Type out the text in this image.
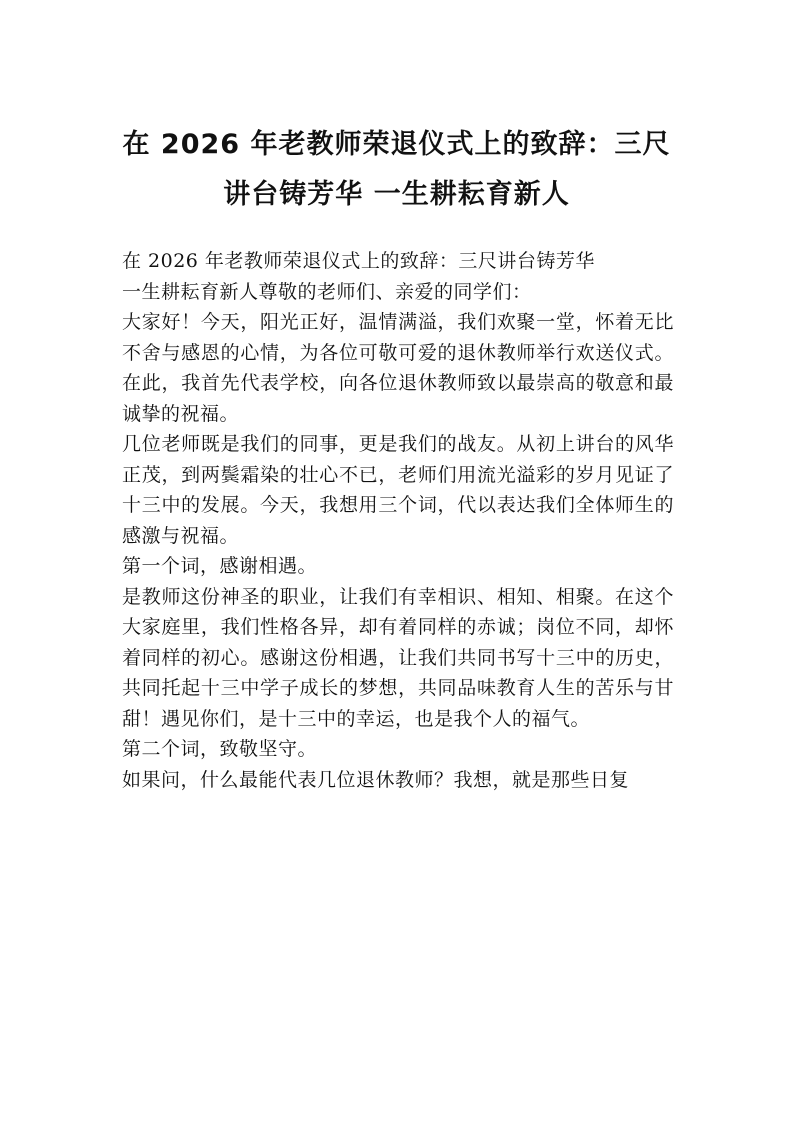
在 2026 年老教师荣退仪式上的致辞：三尺讲台铸芳华 一生耕耘育新人

在 2026 年老教师荣退仪式上的致辞：三尺讲台铸芳华

一生耕耘育新人尊敬的老师们、亲爱的同学们：

大家好！今天，阳光正好，温情满溢，我们欢聚一堂，怀着无比不舍与感恩的心情，为各位可敬可爱的退休教师举行欢送仪式。在此，我首先代表学校，向各位退休教师致以最崇高的敬意和最诚挚的祝福。

几位老师既是我们的同事，更是我们的战友。从初上讲台的风华正茂，到两鬓霜染的壮心不已，老师们用流光溢彩的岁月见证了十三中的发展。今天，我想用三个词，代以表达我们全体师生的感激与祝福。

第一个词，感谢相遇。

是教师这份神圣的职业，让我们有幸相识、相知、相聚。在这个大家庭里，我们性格各异，却有着同样的赤诚；岗位不同，却怀着同样的初心。感谢这份相遇，让我们共同书写十三中的历史，共同托起十三中学子成长的梦想，共同品味教育人生的苦乐与甘甜！遇见你们，是十三中的幸运，也是我个人的福气。

第二个词，致敬坚守。

如果问，什么最能代表几位退休教师？我想，就是那些日复
